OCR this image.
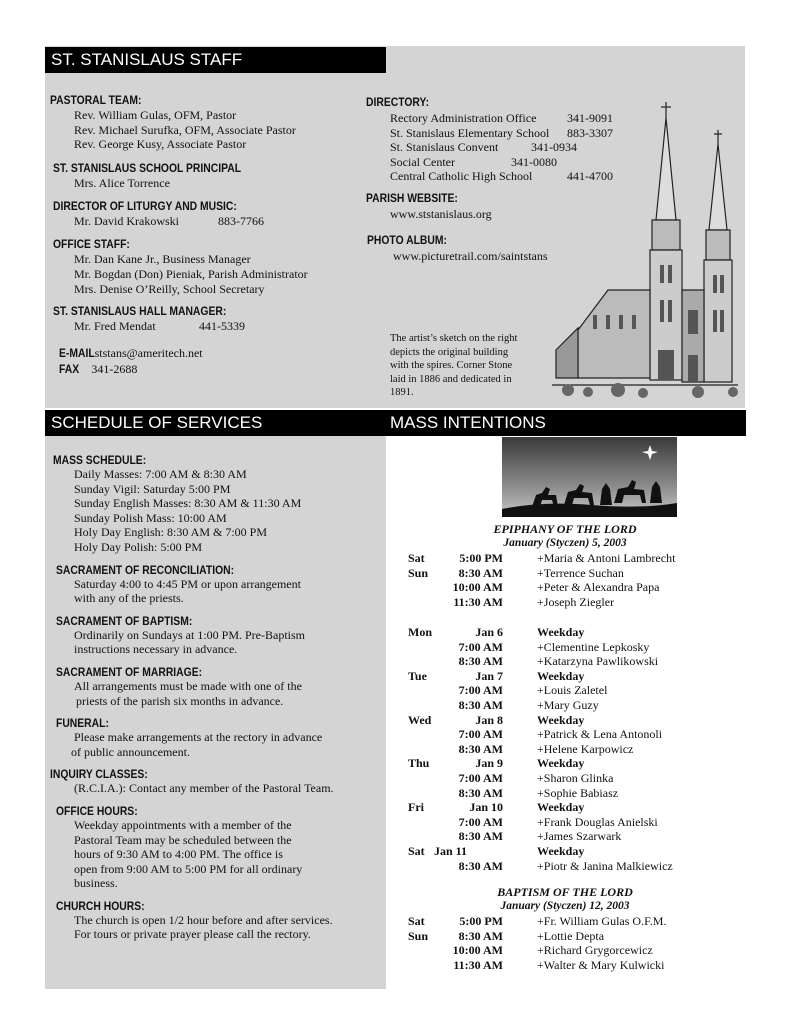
ST. STANISLAUS STAFF
SCHEDULE OF SERVICES	MASS INTENTIONS
PASTORAL TEAM:
Rev. William Gulas, OFM, Pastor
Rev. Michael Surufka, OFM, Associate Pastor
Rev. George Kusy, Associate Pastor
ST. STANISLAUS SCHOOL PRINCIPAL
Mrs. Alice Torrence
DIRECTOR OF LITURGY AND MUSIC:
Mr. David Krakowski	883-7766
OFFICE STAFF:
Mr. Dan Kane Jr., Business Manager
Mr. Bogdan (Don) Pieniak, Parish Administrator
Mrs. Denise O’Reilly, School Secretary
ST. STANISLAUS HALL MANAGER:
Mr. Fred Mendat	441-5339
E-MAILststans@ameritech.net
FAX 341-2688
DIRECTORY:
Rectory Administration Office	341-9091
St. Stanislaus Elementary School 883-3307
St. Stanislaus Convent	341-0934
Social Center	341-0080
Central Catholic High School	441-4700
PARISH WEBSITE:
www.ststanislaus.org
PHOTO ALBUM:
www.picturetrail.com/saintstans
The artist’s sketch on the right
depicts the original building
with the spires. Corner Stone
laid in 1886 and dedicated in
1891.
MASS SCHEDULE:
Daily Masses: 7:00 AM & 8:30 AM
Sunday Vigil: Saturday 5:00 PM
Sunday English Masses: 8:30 AM & 11:30 AM
Sunday Polish Mass: 10:00 AM
Holy Day English: 8:30 AM & 7:00 PM
Holy Day Polish: 5:00 PM
SACRAMENT OF RECONCILIATION:
Saturday 4:00 to 4:45 PM or upon arrangement
with any of the priests.
SACRAMENT OF BAPTISM:
Ordinarily on Sundays at 1:00 PM. Pre-Baptism
instructions necessary in advance.
SACRAMENT OF MARRIAGE:
All arrangements must be made with one of the
priests of the parish six months in advance.
FUNERAL:
Please make arrangements at the rectory in advance
of public announcement.
INQUIRY CLASSES:
(R.C.I.A.): Contact any member of the Pastoral Team.
OFFICE HOURS:
Weekday appointments with a member of the
Pastoral Team may be scheduled between the
hours of 9:30 AM to 4:00 PM. The office is
open from 9:00 AM to 5:00 PM for all ordinary
business.
CHURCH HOURS:
The church is open 1/2 hour before and after services.
For tours or private prayer please call the rectory.
EPIPHANY OF THE LORD
January (Styczen) 5, 2003
Sat	5:00 PM	+Maria & Antoni Lambrecht
Sun	8:30 AM	+Terrence Suchan
10:00 AM	+Peter & Alexandra Papa
11:30 AM	+Joseph Ziegler
Mon	Jan 6	Weekday
7:00 AM	+Clementine Lepkosky
8:30 AM	+Katarzyna Pawlikowski
Tue	Jan 7	Weekday
7:00 AM	+Louis Zaletel
8:30 AM	+Mary Guzy
Wed	Jan 8	Weekday
7:00 AM	+Patrick & Lena Antonoli
8:30 AM	+Helene Karpowicz
Thu	Jan 9	Weekday
7:00 AM	+Sharon Glinka
8:30 AM	+Sophie Babiasz
Fri	Jan 10	Weekday
7:00 AM	+Frank Douglas Anielski
8:30 AM	+James Szarwark
Sat Jan 11	Weekday
8:30 AM	+Piotr & Janina Malkiewicz
Sat	5:00 PM	+Fr. William Gulas O.F.M.
Sun	8:30 AM	+Lottie Depta
10:00 AM	+Richard Grygorcewicz
11:30 AM	+Walter & Mary Kulwicki
BAPTISM OF THE LORD
January (Styczen) 12, 2003
